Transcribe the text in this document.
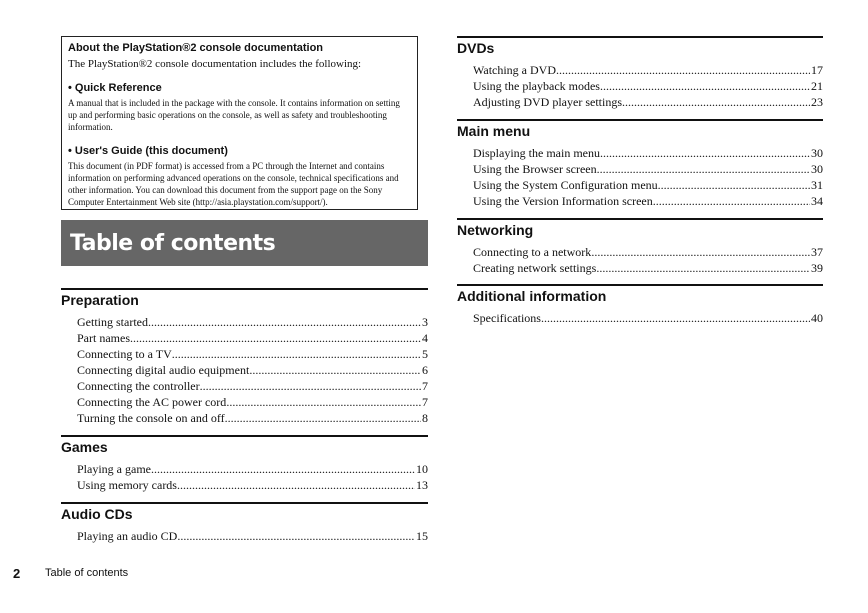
About the PlayStation®2 console documentation
The PlayStation®2 console documentation includes the following:
• Quick Reference
A manual that is included in the package with the console. It contains information on setting up and performing basic operations on the console, as well as safety and troubleshooting information.
• User's Guide (this document)
This document (in PDF format) is accessed from a PC through the Internet and contains information on performing advanced operations on the console, technical specifications and other information. You can download this document from the support page on the Sony Computer Entertainment Web site (http://asia.playstation.com/support/).
Table of contents
Preparation
Getting started .....	3
Part names .....	4
Connecting to a TV .....	5
Connecting digital audio equipment .....	6
Connecting the controller .....	7
Connecting the AC power cord .....	7
Turning the console on and off .....	8
Games
Playing a game .....	10
Using memory cards .....	13
Audio CDs
Playing an audio CD .....	15
DVDs
Watching a DVD .....	17
Using the playback modes .....	21
Adjusting DVD player settings .....	23
Main menu
Displaying the main menu .....	30
Using the Browser screen .....	30
Using the System Configuration menu .....	31
Using the Version Information screen .....	34
Networking
Connecting to a network .....	37
Creating network settings .....	39
Additional information
Specifications .....	40
2 Table of contents
